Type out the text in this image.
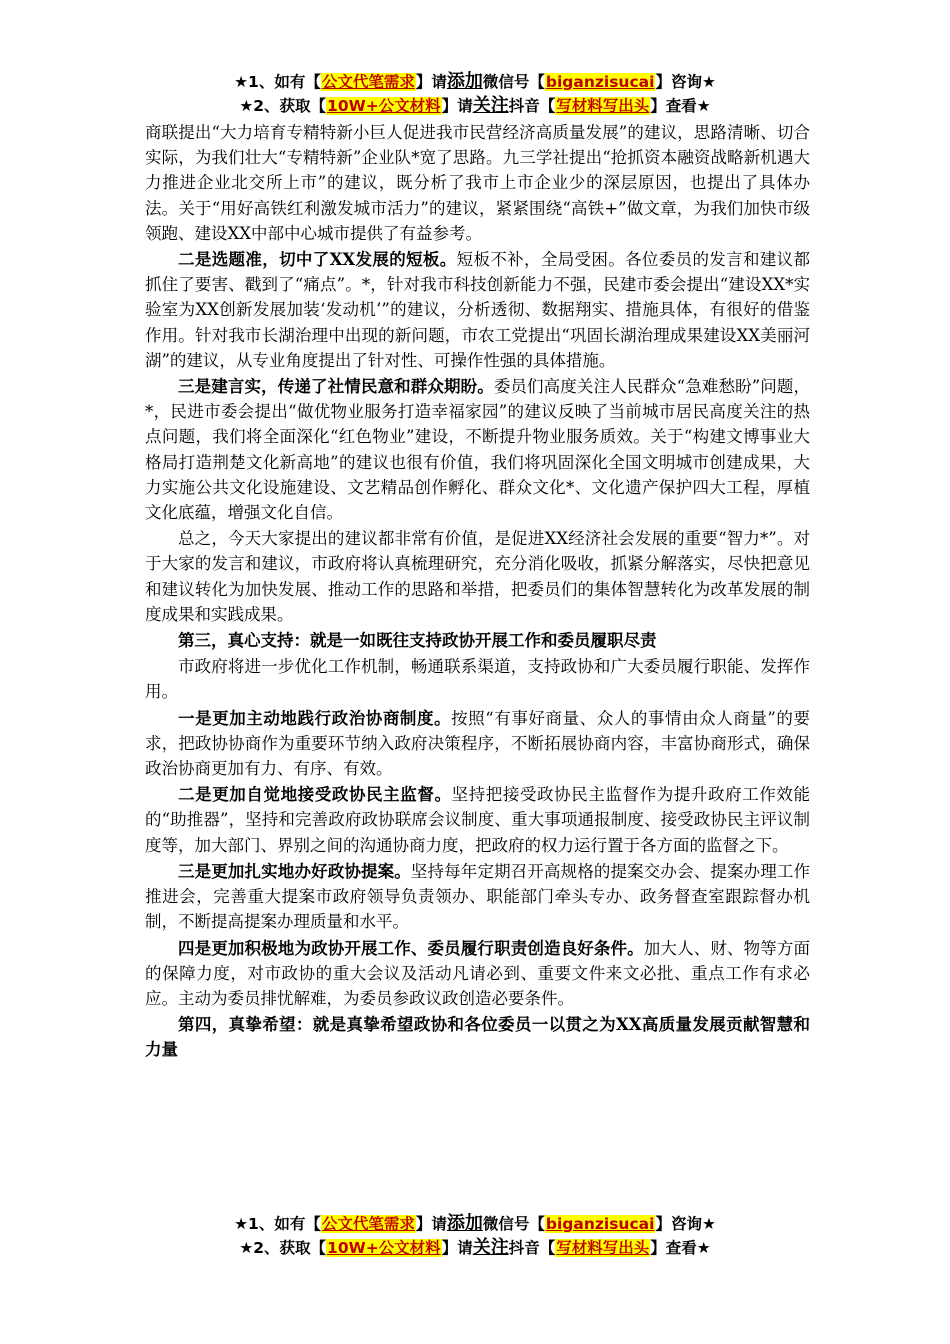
★1、如有【公文代笔需求】请添加微信号【biganzisucai】咨询★
★2、获取【10W+公文材料】请关注抖音【写材料写出头】查看★

商联提出“大力培育专精特新小巨人促进我市民营经济高质量发展”的建议，思路清晰、切合实际，为我们壮大“专精特新”企业队*宽了思路。九三学社提出“抢抓资本融资战略新机遇大力推进企业北交所上市”的建议，既分析了我市上市企业少的深层原因，也提出了具体办法。关于“用好高铁红利激发城市活力”的建议，紧紧围绕“高铁+”做文章，为我们加快市级领跑、建设XX中部中心城市提供了有益参考。

二是选题准，切中了XX发展的短板。短板不补，全局受困。各位委员的发言和建议都抓住了要害、戳到了“痛点”。*，针对我市科技创新能力不强，民建市委会提出“建设XX*实验室为XX创新发展加装‘发动机’”的建议，分析透彻、数据翔实、措施具体，有很好的借鉴作用。针对我市长湖治理中出现的新问题，市农工党提出“巩固长湖治理成果建设XX美丽河湖”的建议，从专业角度提出了针对性、可操作性强的具体措施。

三是建言实，传递了社情民意和群众期盼。委员们高度关注人民群众“急难愁盼”问题，*，民进市委会提出“做优物业服务打造幸福家园”的建议反映了当前城市居民高度关注的热点问题，我们将全面深化“红色物业”建设，不断提升物业服务质效。关于“构建文博事业大格局打造荆楚文化新高地”的建议也很有价值，我们将巩固深化全国文明城市创建成果，大力实施公共文化设施建设、文艺精品创作孵化、群众文化*、文化遗产保护四大工程，厚植文化底蕴，增强文化自信。

总之，今天大家提出的建议都非常有价值，是促进XX经济社会发展的重要“智力*”。对于大家的发言和建议，市政府将认真梳理研究，充分消化吸收，抓紧分解落实，尽快把意见和建议转化为加快发展、推动工作的思路和举措，把委员们的集体智慧转化为改革发展的制度成果和实践成果。

第三，真心支持：就是一如既往支持政协开展工作和委员履职尽责

市政府将进一步优化工作机制，畅通联系渠道，支持政协和广大委员履行职能、发挥作用。

一是更加主动地践行政治协商制度。按照“有事好商量、众人的事情由众人商量”的要求，把政协协商作为重要环节纳入政府决策程序，不断拓展协商内容，丰富协商形式，确保政治协商更加有力、有序、有效。

二是更加自觉地接受政协民主监督。坚持把接受政协民主监督作为提升政府工作效能的“助推器”，坚持和完善政府政协联席会议制度、重大事项通报制度、接受政协民主评议制度等，加大部门、界别之间的沟通协商力度，把政府的权力运行置于各方面的监督之下。

三是更加扎实地办好政协提案。坚持每年定期召开高规格的提案交办会、提案办理工作推进会，完善重大提案市政府领导负责领办、职能部门牵头专办、政务督查室跟踪督办机制，不断提高提案办理质量和水平。

四是更加积极地为政协开展工作、委员履行职责创造良好条件。加大人、财、物等方面的保障力度，对市政协的重大会议及活动凡请必到、重要文件来文必批、重点工作有求必应。主动为委员排忧解难，为委员参政议政创造必要条件。

第四，真挚希望：就是真挚希望政协和各位委员一以贯之为XX高质量发展贡献智慧和力量

★1、如有【公文代笔需求】请添加微信号【biganzisucai】咨询★
★2、获取【10W+公文材料】请关注抖音【写材料写出头】查看★
